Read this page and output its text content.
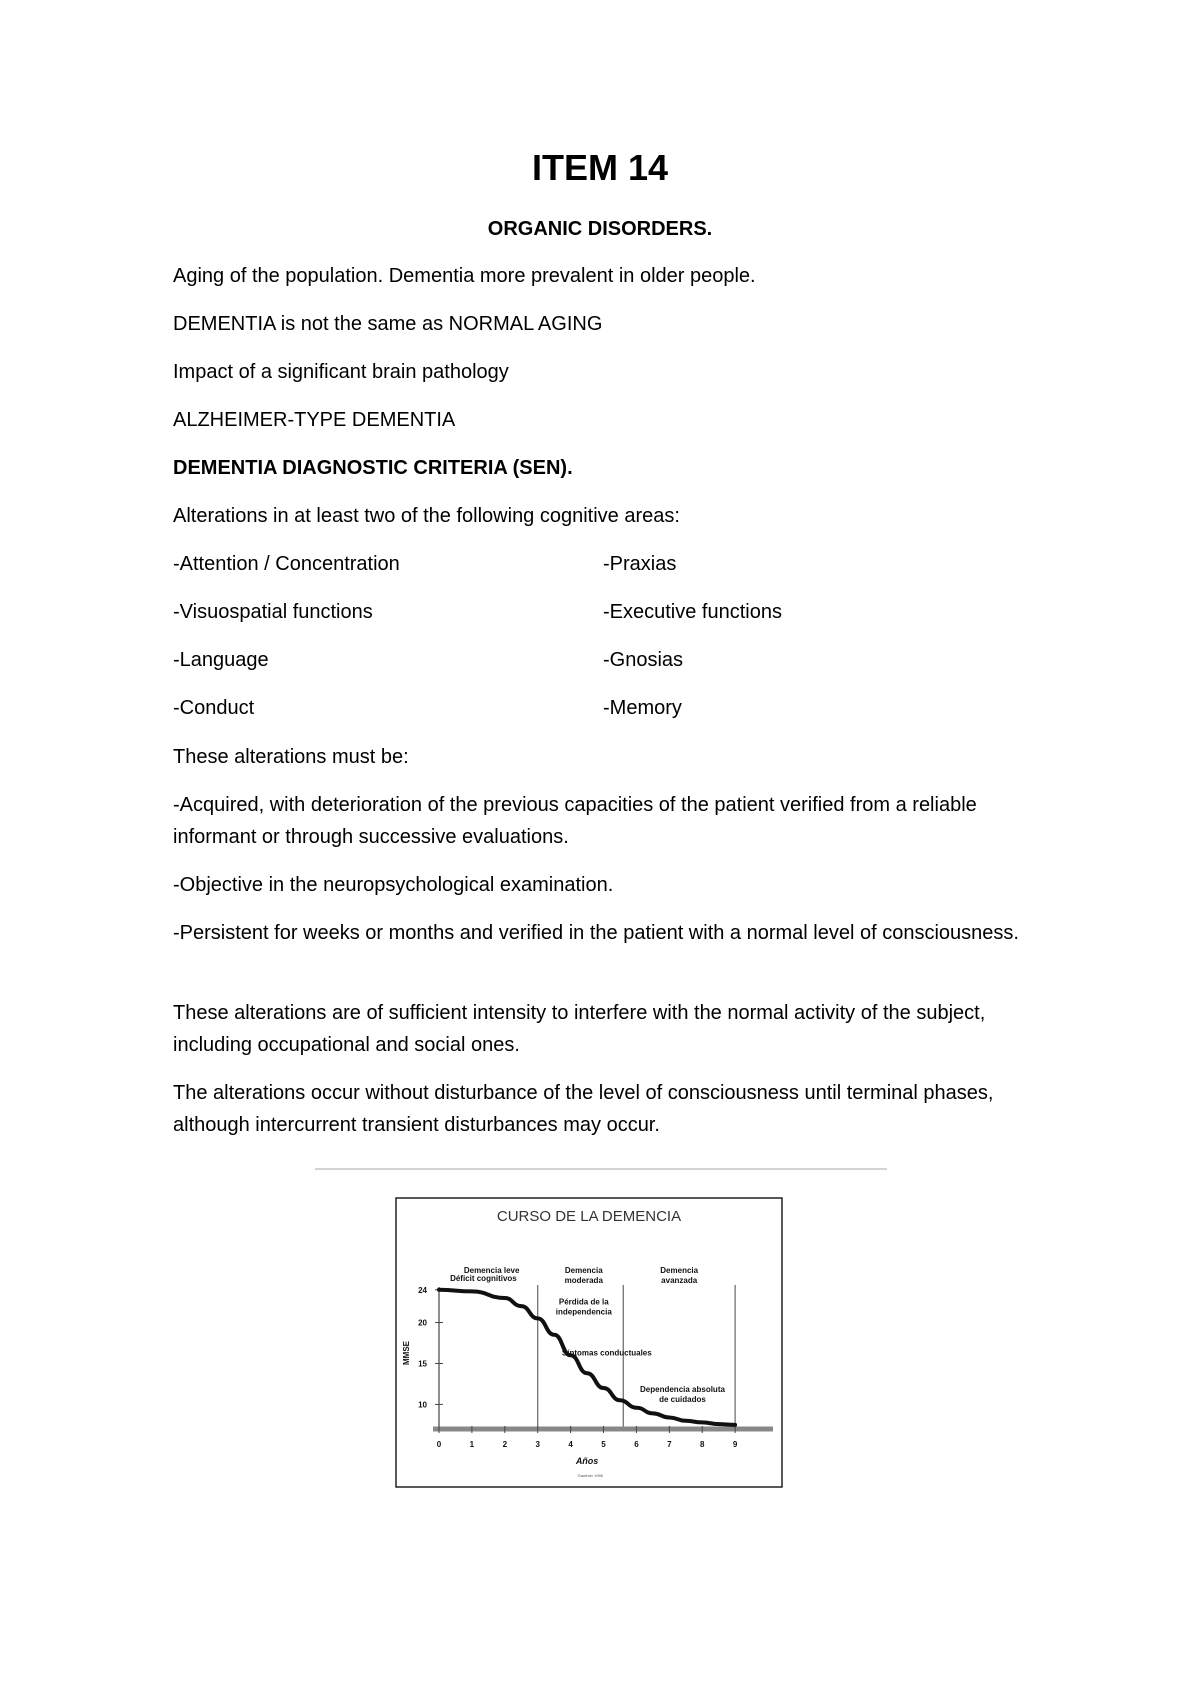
ITEM 14
ORGANIC DISORDERS.

Aging of the population. Dementia more prevalent in older people.

DEMENTIA is not the same as NORMAL AGING

Impact of a significant brain pathology

ALZHEIMER-TYPE DEMENTIA

DEMENTIA DIAGNOSTIC CRITERIA (SEN).

Alterations in at least two of the following cognitive areas:

-Attention / Concentration	-Praxias

-Visuospatial functions	-Executive functions

-Language	-Gnosias

-Conduct	-Memory

These alterations must be:

-Acquired, with deterioration of the previous capacities of the patient verified from a reliable informant or through successive evaluations.

-Objective in the neuropsychological examination.

-Persistent for weeks or months and verified in the patient with a normal level of consciousness.

These alterations are of sufficient intensity to interfere with the normal activity of the subject, including occupational and social ones.

The alterations occur without disturbance of the level of consciousness until terminal phases, although intercurrent transient disturbances may occur.

CURSO DE LA DEMENCIA
Demencia leve	Demencia
moderada
Demencia
avanzada
10
15
20
24
MMSE
0	1	2	3	4	5	6	7	8	9
Años
Déficit cognitivos
Pérdida de la
independencia
Síntomas conductuales
Dependencia absoluta
de cuidados
Gauthier 1996
